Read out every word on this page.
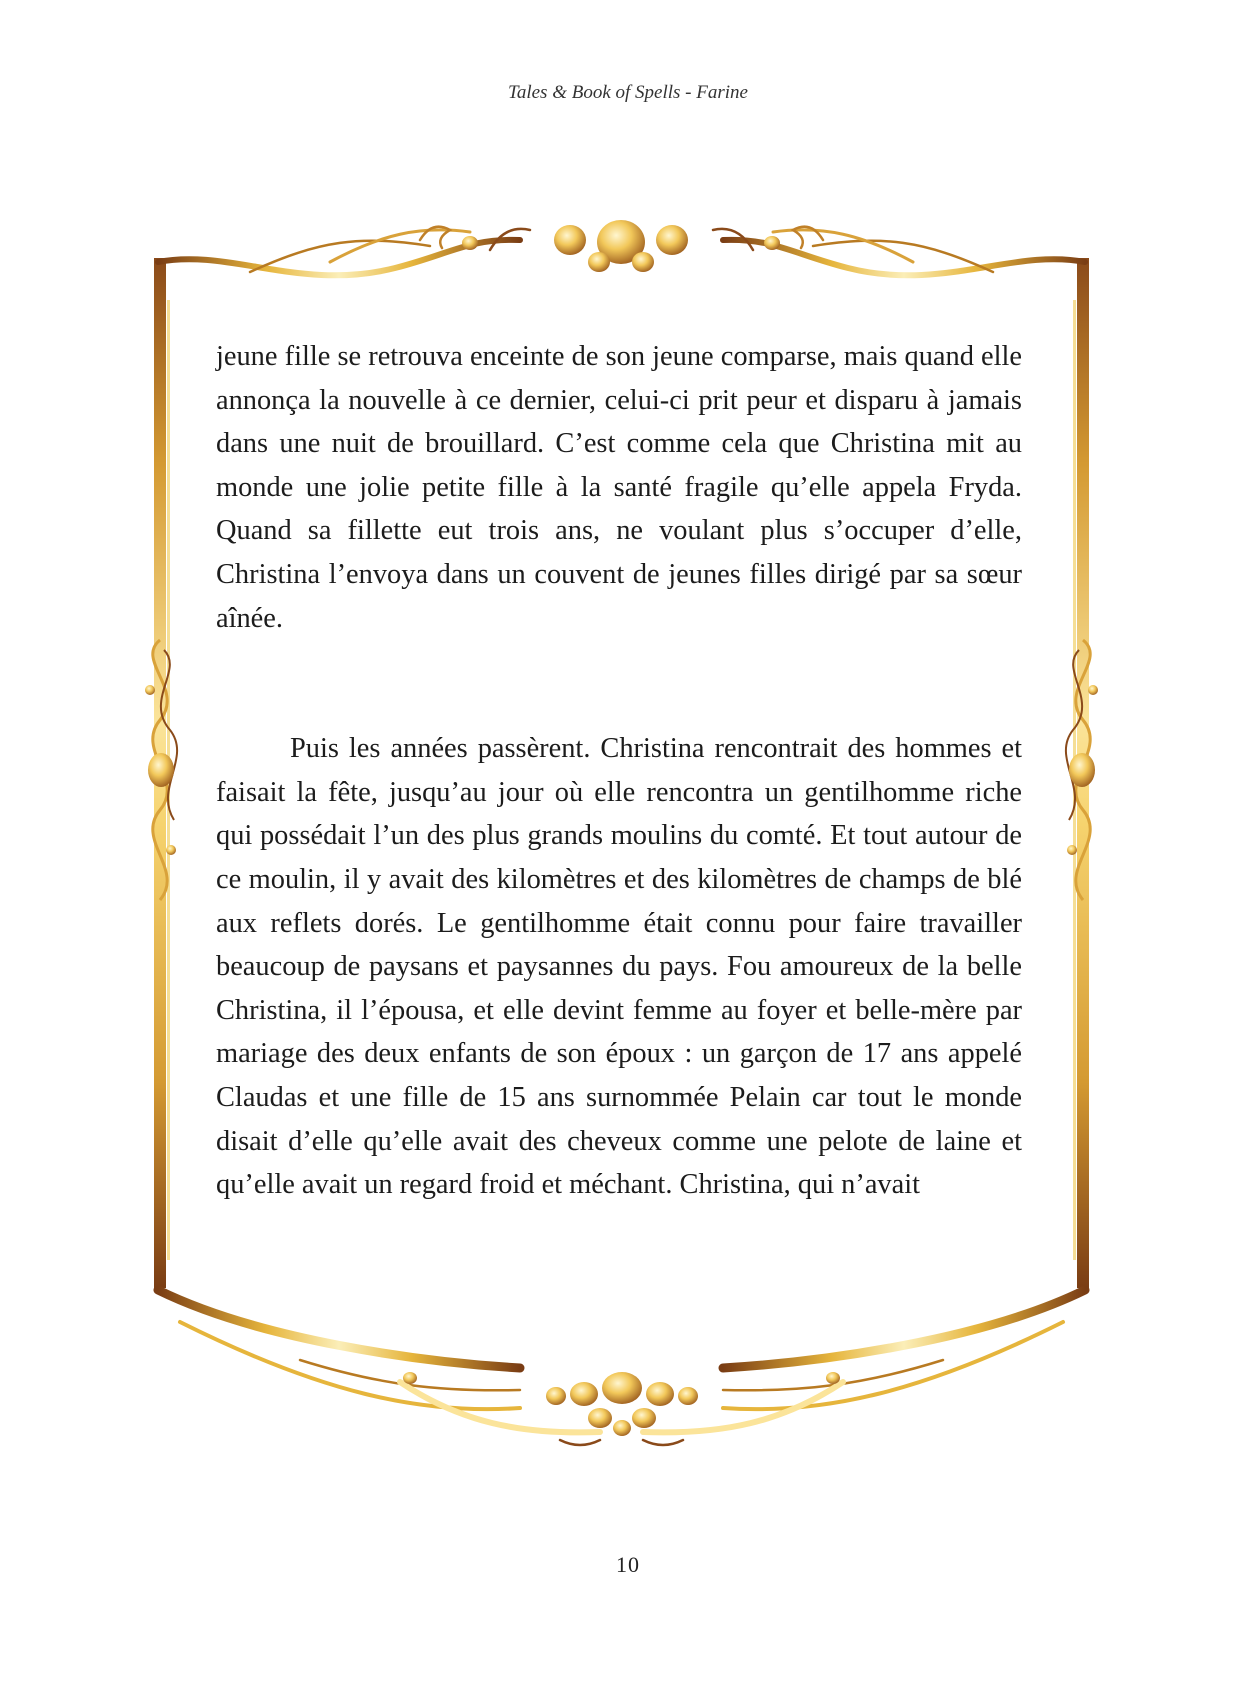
Tales & Book of Spells - Farine

jeune fille se retrouva enceinte de son jeune comparse, mais quand elle annonça la nouvelle à ce dernier, celui-ci prit peur et disparu à jamais dans une nuit de brouillard. C’est comme cela que Christina mit au monde une jolie petite fille à la santé fragile qu’elle appela Fryda. Quand sa fillette eut trois ans, ne voulant plus s’occuper d’elle, Christina l’envoya dans un couvent de jeunes filles dirigé par sa sœur aînée.

Puis les années passèrent. Christina rencontrait des hommes et faisait la fête, jusqu’au jour où elle rencontra un gentilhomme riche qui possédait l’un des plus grands moulins du comté. Et tout autour de ce moulin, il y avait des kilomètres et des kilomètres de champs de blé aux reflets dorés. Le gentilhomme était connu pour faire travailler beaucoup de paysans et paysannes du pays. Fou amoureux de la belle Christina, il l’épousa, et elle devint femme au foyer et belle-mère par mariage des deux enfants de son époux : un garçon de 17 ans appelé Claudas et une fille de 15 ans surnommée Pelain car tout le monde disait d’elle qu’elle avait des cheveux comme une pelote de laine et qu’elle avait un regard froid et méchant. Christina, qui n’avait

10
